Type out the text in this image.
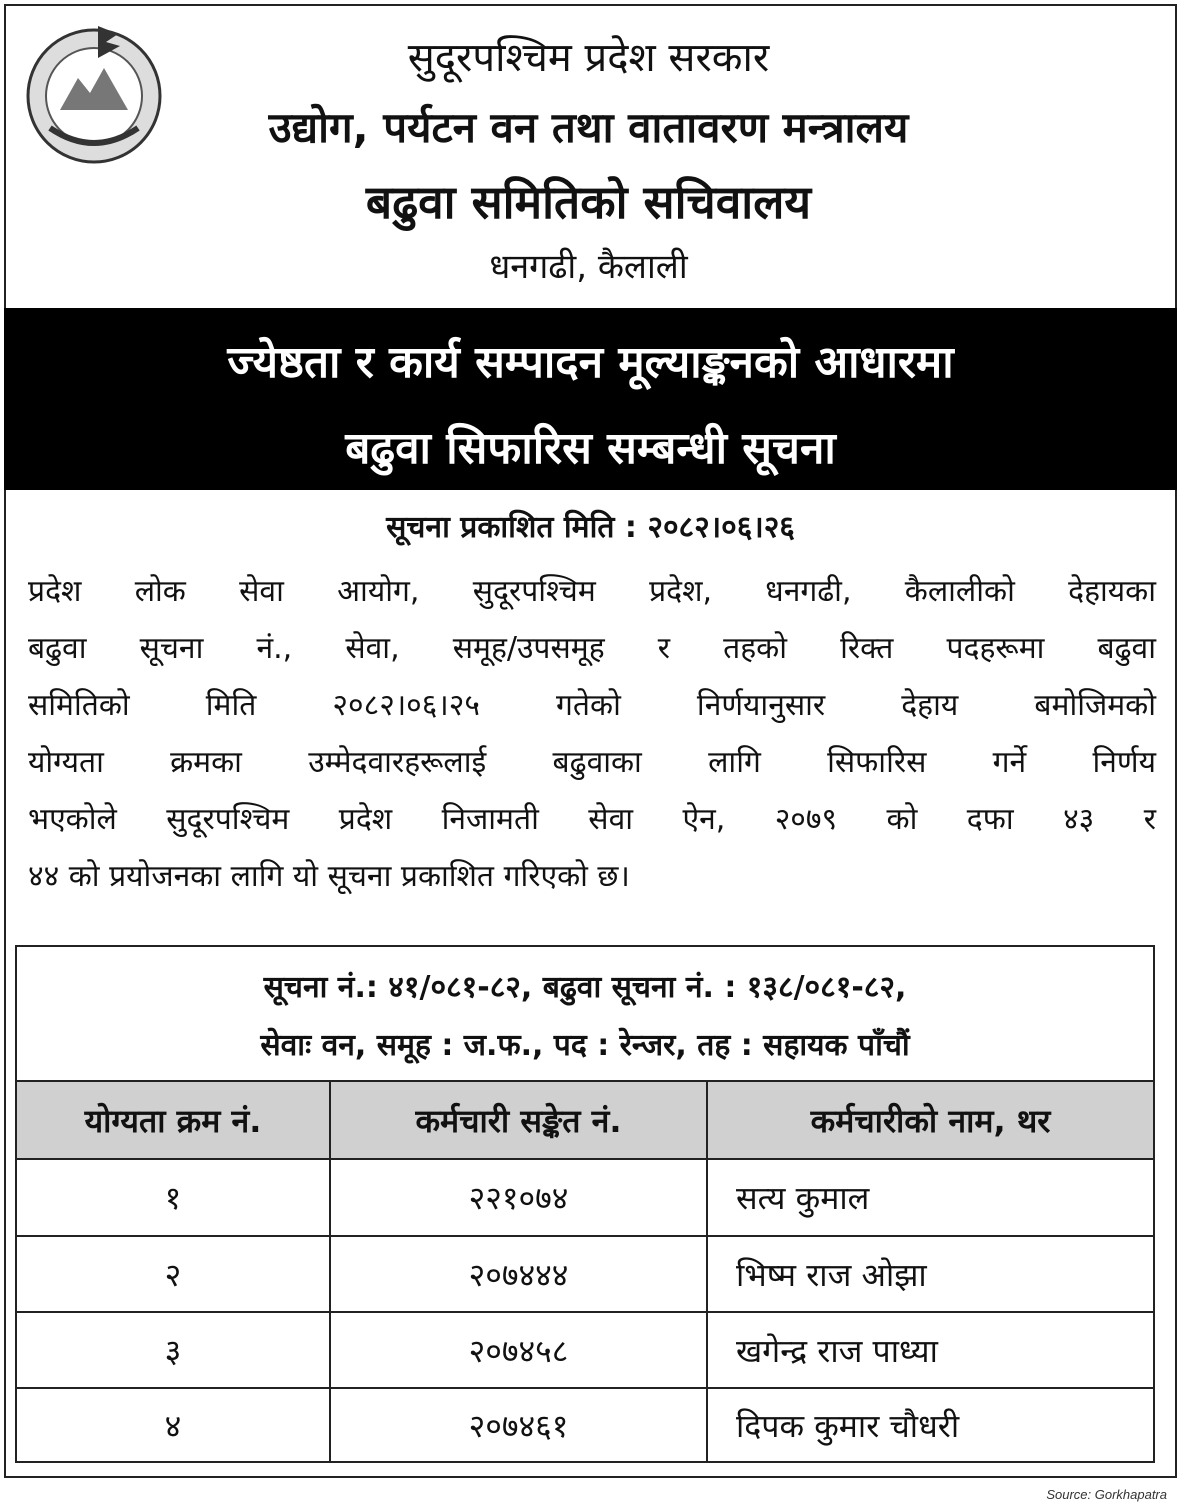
सुदूरपश्चिम प्रदेश सरकार
उद्योग, पर्यटन वन तथा वातावरण मन्त्रालय
बढुवा समितिको सचिवालय
धनगढी, कैलाली
ज्येष्ठता र कार्य सम्पादन मूल्याङ्कनको आधारमा
बढुवा सिफारिस सम्बन्धी सूचना
सूचना प्रकाशित मिति : २०८२।०६।२६
प्रदेश लोक सेवा आयोग, सुदूरपश्चिम प्रदेश, धनगढी, कैलालीको देहायका
बढुवा सूचना नं., सेवा, समूह/उपसमूह र तहको रिक्त पदहरूमा बढुवा
समितिको मिति २०८२।०६।२५ गतेको निर्णयानुसार देहाय बमोजिमको
योग्यता क्रमका उम्मेदवारहरूलाई बढुवाका लागि सिफारिस गर्ने निर्णय
भएकोले सुदूरपश्चिम प्रदेश निजामती सेवा ऐन, २०७९ को दफा ४३ र
४४ को प्रयोजनका लागि यो सूचना प्रकाशित गरिएको छ।
सूचना नं.: ४१/०८१-८२, बढुवा सूचना नं. : १३८/०८१-८२,
सेवाः वन, समूह : ज.फ., पद : रेन्जर, तह : सहायक पाँचौं
योग्यता क्रम नं.	कर्मचारी सङ्केत नं.	कर्मचारीको नाम, थर
१	२२१०७४	सत्य कुमाल
२	२०७४४४	भिष्म राज ओझा
३	२०७४५८	खगेन्द्र राज पाध्या
४	२०७४६१	दिपक कुमार चौधरी
Source: Gorkhapatra
